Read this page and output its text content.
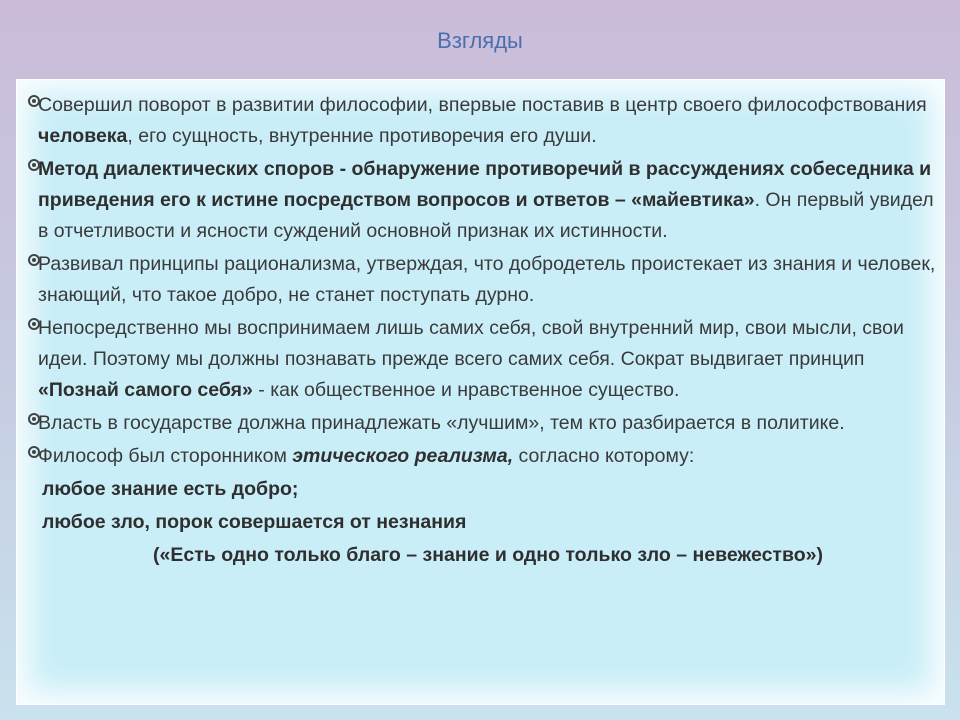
Взгляды
Совершил поворот в развитии философии, впервые поставив в центр своего философствования человека, его сущность, внутренние противоречия его души.
Метод диалектических споров - обнаружение противоречий в рассуждениях собеседника и приведения его к истине посредством вопросов и ответов – «майевтика». Он первый увидел в отчетливости и ясности суждений основной признак их истинности.
Развивал принципы рационализма, утверждая, что добродетель проистекает из знания и человек, знающий, что такое добро, не станет поступать дурно.
Непосредственно мы воспринимаем лишь самих себя, свой внутренний мир, свои мысли, свои идеи. Поэтому мы должны познавать прежде всего самих себя. Сократ выдвигает принцип «Познай самого себя» - как общественное и нравственное существо.
Власть в государстве должна принадлежать «лучшим», тем кто разбирается в политике.
Философ был сторонником этического реализма, согласно которому:
любое знание есть добро;
любое зло, порок совершается от незнания
(«Есть одно только благо – знание и одно только зло – невежество»)
